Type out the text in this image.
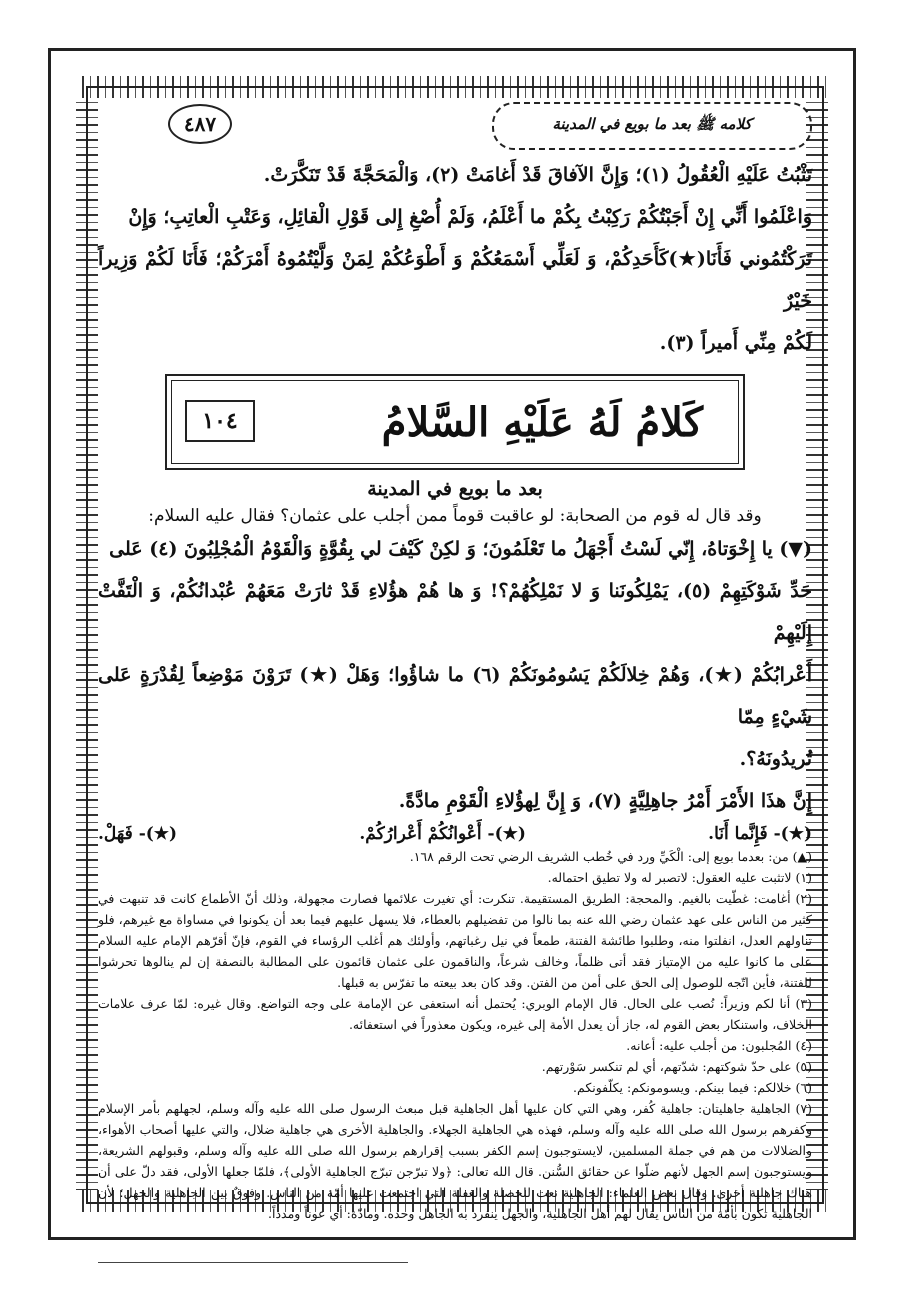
كلامه ﷺ بعد ما بويع في المدينة
٤٨٧

تَثْبُتُ عَلَيْهِ الْعُقُولُ (١)؛ وَإِنَّ الآفاقَ قَدْ أَغامَتْ (٢)، وَالْمَحَجَّةَ قَدْ تَنَكَّرَتْ.

وَاعْلَمُوا أَنِّي إِنْ أَجَبْتُكُمْ رَكِبْتُ بِكُمْ ما أَعْلَمُ، وَلَمْ أُصْغِ إِلى قَوْلِ الْقائِلِ، وَعَتْبِ الْعاتِبِ؛ وَإِنْ

تَرَكْتُمُوني فَأَنَا(★)كَأَحَدِكُمْ، وَ لَعَلِّي أَسْمَعُكُمْ وَ أَطْوَعُكُمْ لِمَنْ وَلَّيْتُمُوهُ أَمْرَكُمْ؛ فَأَنَا لَكُمْ وَزِيراً خَيْرٌ

لَكُمْ مِنِّي أَميراً (٣).

كَلامُ لَهُ عَلَيْهِ السَّلامُ
١٠٤
بعد ما بويع في المدينة
وقد قال له قوم من الصحابة: لو عاقبت قوماً ممن أجلب على عثمان؟ فقال عليه السلام:

(▼) يا إِخْوَتاهُ، إِنّي لَسْتُ أَجْهَلُ ما تَعْلَمُونَ؛ وَ لكِنْ كَيْفَ لي بِقُوَّةٍ وَالْقَوْمُ الْمُجْلِبُونَ (٤) عَلى

حَدِّ شَوْكَتِهِمْ (٥)، يَمْلِكُونَنا وَ لا نَمْلِكُهُمْ؟! وَ ها هُمْ هؤُلاءِ قَدْ ثارَتْ مَعَهُمْ عُبْدانُكُمْ، وَ الْتَفَّتْ إِلَيْهِمْ

أَعْرابُكُمْ (★)، وَهُمْ خِلالَكُمْ يَسُومُونَكُمْ (٦) ما شاؤُوا؛ وَهَلْ (★) تَرَوْنَ مَوْضِعاً لِقُدْرَةٍ عَلى شَيْءٍ مِمّا

تُريدُونَهُ؟.

إِنَّ هذَا الأَمْرَ أَمْرُ جاهِلِيَّةٍ (٧)، وَ إِنَّ لِهؤُلاءِ الْقَوْمِ مادَّةً.

(★)- فَإِنَّما أَنَا.
(★)- أَعْوانُكُمْ أَعْرارُكُمْ.
(★)- فَهَلْ.
(▲) من: بعدما بويع إلى: الْكَيِّ ورد في خُطب الشريف الرضي تحت الرقم ١٦٨.
(١) لاتثبت عليه العقول: لاتصبر له ولا تطيق احتماله.
(٢) أغامت: غطّيت بالغيم. والمحجة: الطريق المستقيمة. تنكرت: أي تغيرت علائمها فصارت مجهولة، وذلك أنّ الأطماع كانت قد تنبهت في كثير من الناس على عهد عثمان رضي الله عنه بما نالوا من تفضيلهم بالعطاء، فلا يسهل عليهم فيما بعد أن يكونوا في مساواة مع غيرهم، فلو تناولهم العدل، انفلتوا منه، وطلبوا طائشة الفتنة، طمعاً في نيل رغباتهم، وأولئك هم أغلب الرؤساء في القوم، فإنّ أقرّهم الإمام عليه السلام على ما كانوا عليه من الإمتياز فقد أتى ظلماً، وخالف شرعاً، والناقمون على عثمان قائمون على المطالبة بالنصفة إن لم ينالوها تحرشوا للفتنة، فأين اتّجه للوصول إلى الحق على أمن من الفتن. وقد كان بعد بيعته ما تفرّس به قبلها.
(٣) أنا لكم وزيراً: نُصب على الحال. قال الإمام الوبري: يُحتمل أنه استعفى عن الإمامة على وجه التواضع. وقال غيره: لمّا عرف علامات الخلاف، واستنكار بعض القوم له، جاز أن يعدل الأمة إلى غيره، ويكون معذوراً في استعفائه.
(٤) المُجلبون: من أجلب عليه: أعانه.
(٥) على حدّ شوكتهم: شدّتهم، أي لم تنكسر سَوْرتهم.
(٦) خلالكم: فيما بينكم. ويسومونكم: يكلّفونكم.
(٧) الجاهلية جاهليتان: جاهلية كُفر، وهي التي كان عليها أهل الجاهلية قبل مبعث الرسول صلى الله عليه وآله وسلم، لجهلهم بأمر الإسلام وكفرهم برسول الله صلى الله عليه وآله وسلم، فهذه هي الجاهلية الجهلاء. والجاهلية الأخرى هي جاهلية ضلال، والتي عليها أصحاب الأهواء، والضلالات من هم في جملة المسلمين، لايستوجبون إسم الكفر بسبب إقرارهم برسول الله صلى الله عليه وآله وسلم، وقبولهم الشريعة، ويستوجبون إسم الجهل لأنهم ضلّوا عن حقائق السُّنن. قال الله تعالى: ﴿ولا تبرّجن تبرّج الجاهلية الأولى﴾، فلمّا جعلها الأولى، فقد دلّ على أن هناك جاهلية أخرى. وقال بعض العلماء: الجاهلية نعت للخصلة والغفلة التي اجتمعت عليها أمّة من الناس. وفوقٌ بين الجاهلية والجهل؛ لأن الجاهلية تكون بأمّة من الناس يقال لهم أهل الجاهلية، والجهل ينفرد به الجاهل وحده. ومادّة: أي عوناً ومدداً.
